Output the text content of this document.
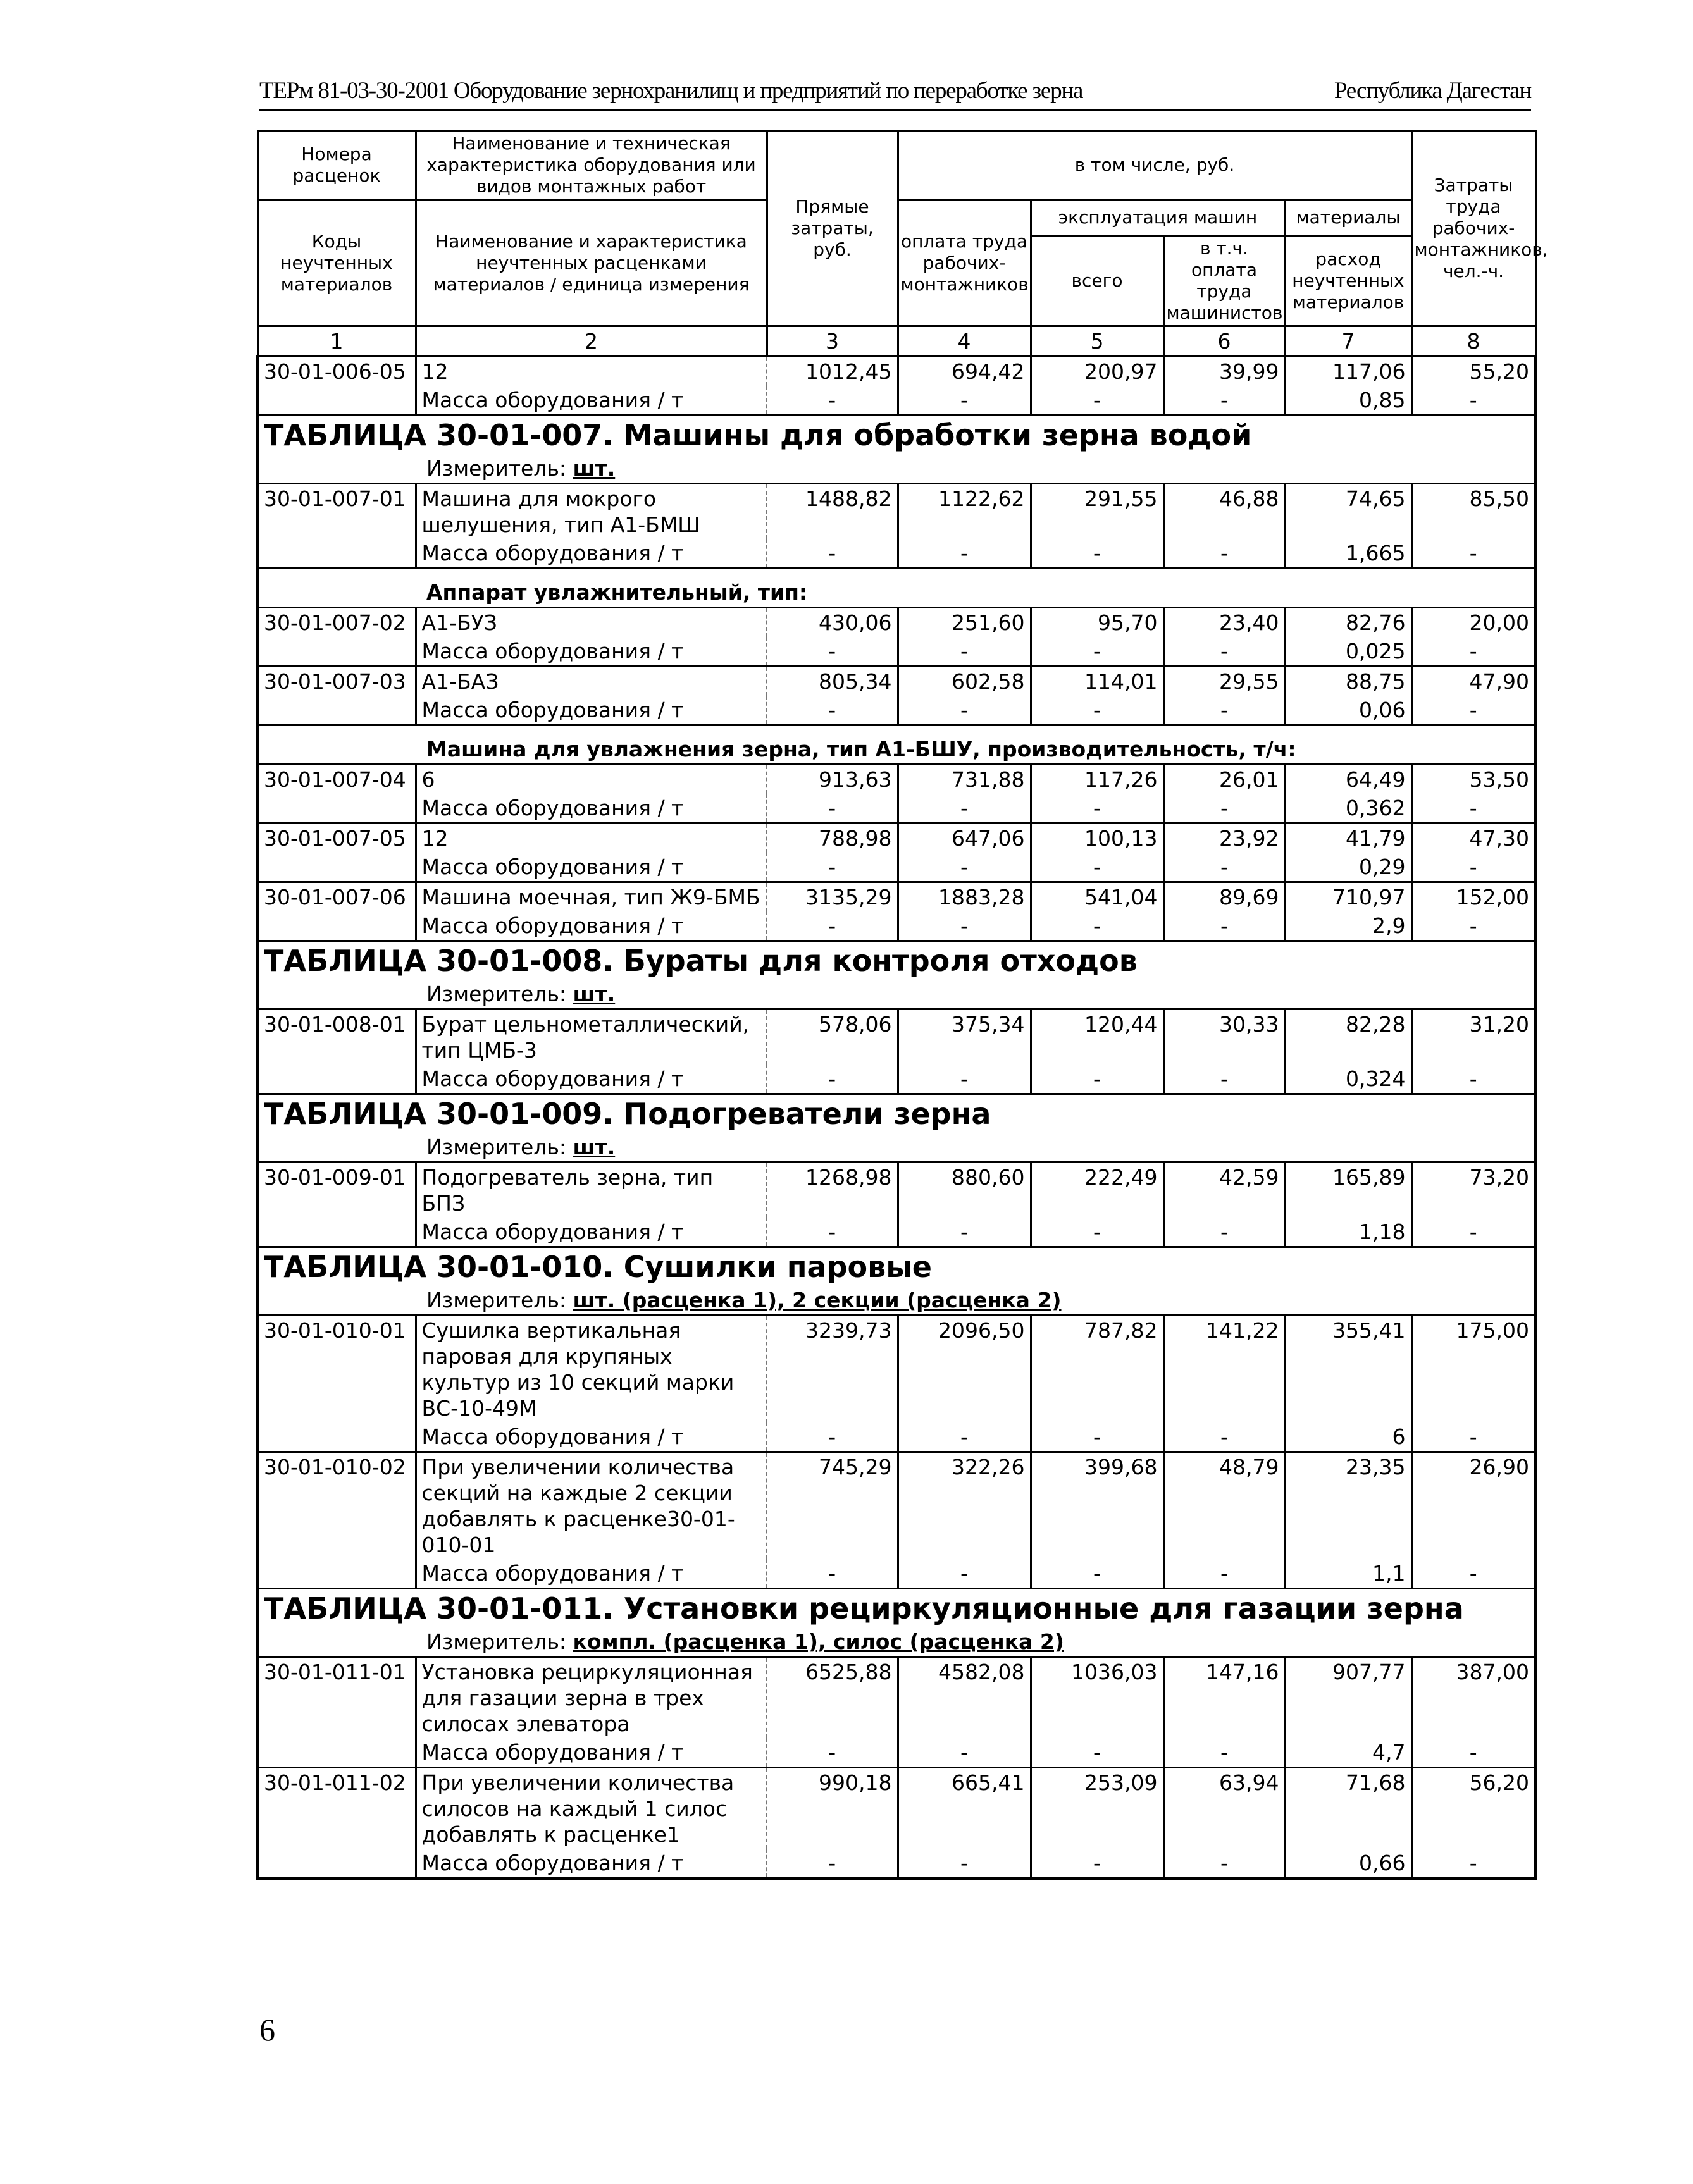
ТЕРм 81-03-30-2001 Оборудование зернохранилищ и предприятий по переработке зерна	Республика Дагестан
Номера расценок	Наименование и техническая характеристика оборудования или видов монтажных работ	Прямые затраты, руб.	в том числе, руб.				Затраты труда рабочих-монтажников, чел.-ч.
Коды неучтенных материалов	Наименование и характеристика неучтенных расценками материалов / единица измерения		оплата труда рабочих-монтажников	эксплуатация машин		материалы	
				всего	в т.ч. оплата труда машинистов	расход неучтенных материалов	
1	2	3	4	5	6	7	8
30-01-006-05	12	1012,45	694,42	200,97	39,99	117,06	55,20
	Масса оборудования / т	-	-	-	-	0,85	-
ТАБЛИЦА 30-01-007. Машины для обработки зерна водой							
Измеритель: шт.							
30-01-007-01	Машина для мокрого шелушения, тип А1-БМШ	1488,82	1122,62	291,55	46,88	74,65	85,50
	Масса оборудования / т	-	-	-	-	1,665	-
Аппарат увлажнительный, тип:							
30-01-007-02	А1-БУЗ	430,06	251,60	95,70	23,40	82,76	20,00
	Масса оборудования / т	-	-	-	-	0,025	-
30-01-007-03	А1-БАЗ	805,34	602,58	114,01	29,55	88,75	47,90
	Масса оборудования / т	-	-	-	-	0,06	-
Машина для увлажнения зерна, тип А1-БШУ, производительность, т/ч:							
30-01-007-04	6	913,63	731,88	117,26	26,01	64,49	53,50
	Масса оборудования / т	-	-	-	-	0,362	-
30-01-007-05	12	788,98	647,06	100,13	23,92	41,79	47,30
	Масса оборудования / т	-	-	-	-	0,29	-
30-01-007-06	Машина моечная, тип Ж9-БМБ	3135,29	1883,28	541,04	89,69	710,97	152,00
	Масса оборудования / т	-	-	-	-	2,9	-
ТАБЛИЦА 30-01-008. Бураты для контроля отходов							
Измеритель: шт.							
30-01-008-01	Бурат цельнометаллический, тип ЦМБ-3	578,06	375,34	120,44	30,33	82,28	31,20
	Масса оборудования / т	-	-	-	-	0,324	-
ТАБЛИЦА 30-01-009. Подогреватели зерна							
Измеритель: шт.							
30-01-009-01	Подогреватель зерна, тип БПЗ	1268,98	880,60	222,49	42,59	165,89	73,20
	Масса оборудования / т	-	-	-	-	1,18	-
ТАБЛИЦА 30-01-010. Сушилки паровые							
Измеритель: шт. (расценка 1), 2 секции (расценка 2)							
30-01-010-01	Сушилка вертикальная паровая для крупяных культур из 10 секций марки ВС-10-49М	3239,73	2096,50	787,82	141,22	355,41	175,00
	Масса оборудования / т	-	-	-	-	6	-
30-01-010-02	При увеличении количества секций на каждые 2 секции добавлять к расценке30-01-010-01	745,29	322,26	399,68	48,79	23,35	26,90
	Масса оборудования / т	-	-	-	-	1,1	-
ТАБЛИЦА 30-01-011. Установки рециркуляционные для газации зерна							
Измеритель: компл. (расценка 1), силос (расценка 2)							
30-01-011-01	Установка рециркуляционная для газации зерна в трех силосах элеватора	6525,88	4582,08	1036,03	147,16	907,77	387,00
	Масса оборудования / т	-	-	-	-	4,7	-
30-01-011-02	При увеличении количества силосов на каждый 1 силос добавлять к расценке1	990,18	665,41	253,09	63,94	71,68	56,20
	Масса оборудования / т	-	-	-	-	0,66	-
6
